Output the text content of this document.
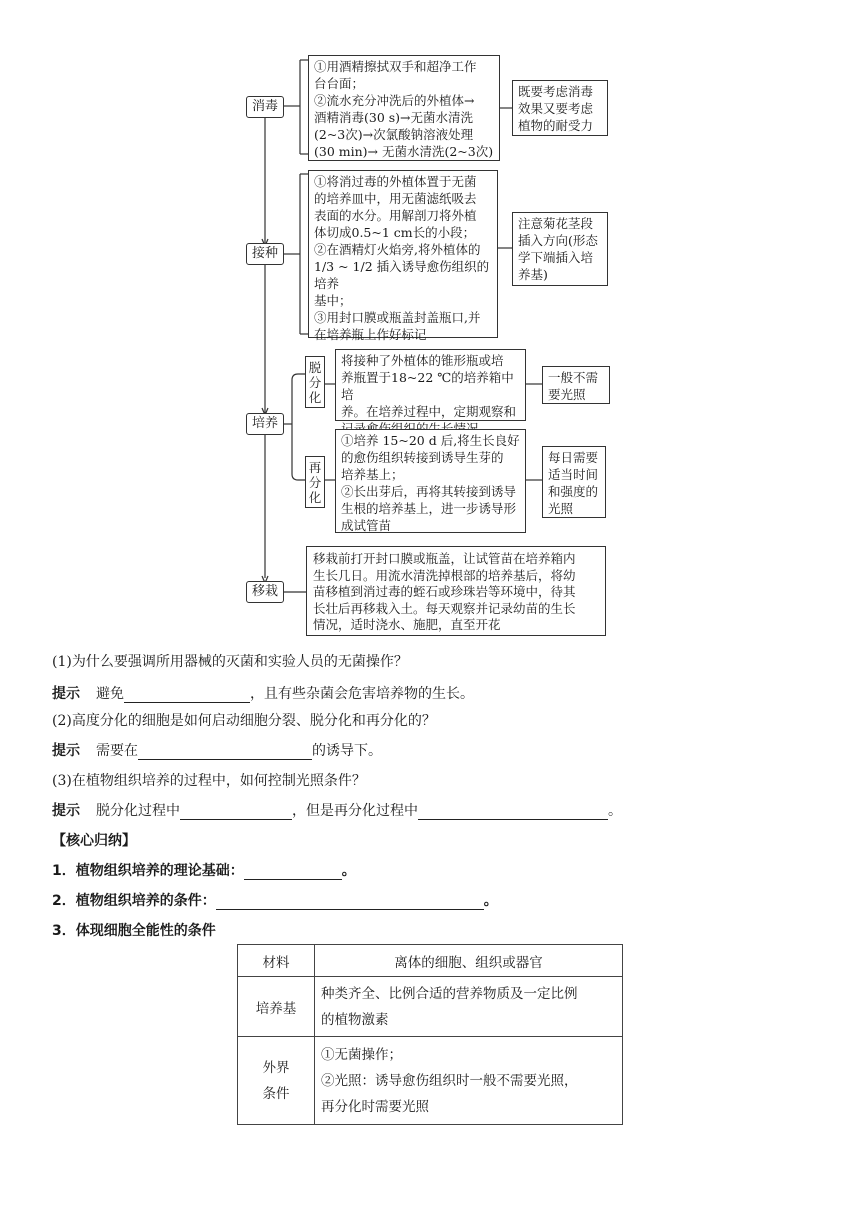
消毒
接种
培养
移栽
①用酒精擦拭双手和超净工作
台台面；
②流水充分冲洗后的外植体→
酒精消毒(30 s)→无菌水清洗
(2~3次)→次氯酸钠溶液处理
(30 min)→ 无菌水清洗(2~3次)
既要考虑消毒
效果又要考虑
植物的耐受力
①将消过毒的外植体置于无菌
的培养皿中，用无菌滤纸吸去
表面的水分。用解剖刀将外植
体切成0.5~1 cm长的小段；
②在酒精灯火焰旁,将外植体的
1/3 ~ 1/2 插入诱导愈伤组织的培养
基中；
③用封口膜或瓶盖封盖瓶口,并
在培养瓶上作好标记
注意菊花茎段
插入方向(形态
学下端插入培
养基)
脱
分
化
再
分
化
将接种了外植体的锥形瓶或培
养瓶置于18~22 ℃的培养箱中培
养。在培养过程中，定期观察和

一般不需
要光照
①培养 15~20 d 后,将生长良好
的愈伤组织转接到诱导生芽的
培养基上；
②长出芽后，再将其转接到诱导
生根的培养基上，进一步诱导形
成试管苗
每日需要
适当时间
和强度的
光照
移栽前打开封口膜或瓶盖，让试管苗在培养箱内
生长几日。用流水清洗掉根部的培养基后，将幼
苗移植到消过毒的蛭石或珍珠岩等环境中，待其
长壮后再移栽入土。每天观察并记录幼苗的生长
情况，适时浇水、施肥，直至开花
(1)为什么要强调所用器械的灭菌和实验人员的无菌操作？
提示 避免	，且有些杂菌会危害培养物的生长。
(2)高度分化的细胞是如何启动细胞分裂、脱分化和再分化的？
提示 需要在	的诱导下。
(3)在植物组织培养的过程中，如何控制光照条件？
提示 脱分化过程中	，但是再分化过程中	。
【核心归纳】
1．植物组织培养的理论基础：	。
2．植物组织培养的条件：	。
3．体现细胞全能性的条件
材料	离体的细胞、组织或器官
培养基	种类齐全、比例合适的营养物质及一定比例
的植物激素
外界
条件	①无菌操作；
②光照：诱导愈伤组织时一般不需要光照，
再分化时需要光照
